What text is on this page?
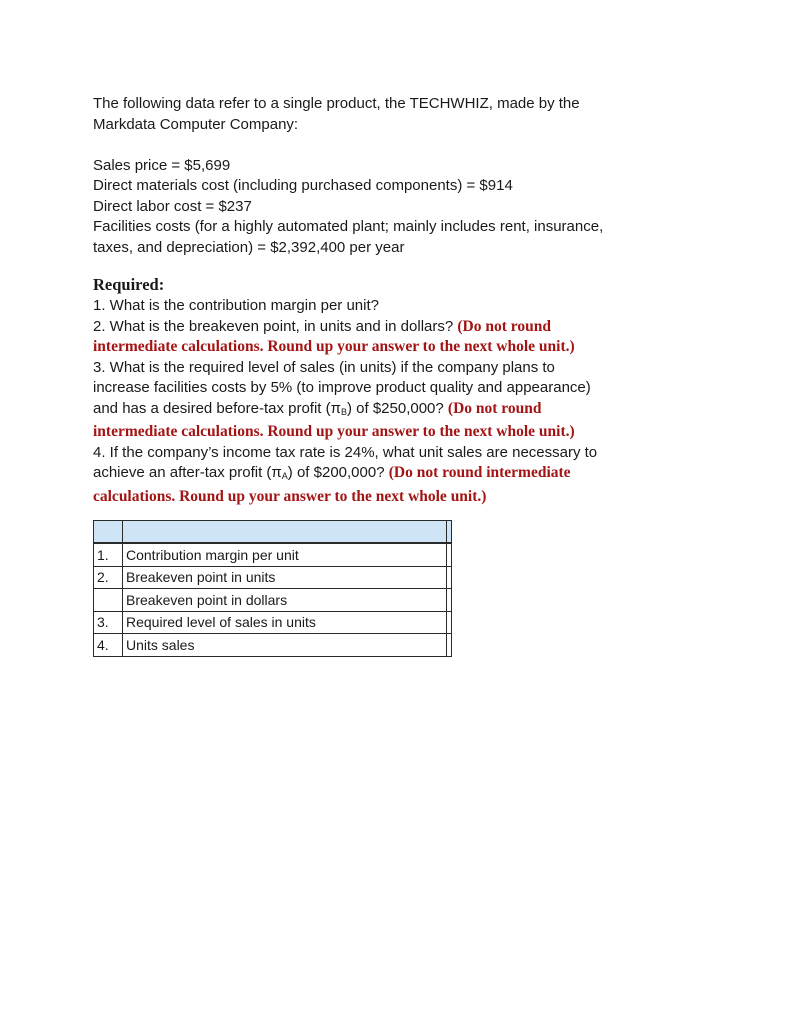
The following data refer to a single product, the TECHWHIZ, made by the
Markdata Computer Company:

Sales price = $5,699
Direct materials cost (including purchased components) = $914
Direct labor cost = $237
Facilities costs (for a highly automated plant; mainly includes rent, insurance,
taxes, and depreciation) = $2,392,400 per year

Required:
1. What is the contribution margin per unit?
2. What is the breakeven point, in units and in dollars? (Do not round
intermediate calculations. Round up your answer to the next whole unit.)
3. What is the required level of sales (in units) if the company plans to
increase facilities costs by 5% (to improve product quality and appearance)
and has a desired before-tax profit $(\pi_B)$ of $250,000? (Do not round
intermediate calculations. Round up your answer to the next whole unit.)
4. If the company’s income tax rate is 24%, what unit sales are necessary to
achieve an after-tax profit $(\pi_A)$ of $200,000? (Do not round intermediate
calculations. Round up your answer to the next whole unit.)

1.	Contribution margin per unit	
2.	Breakeven point in units	
	Breakeven point in dollars	
3.	Required level of sales in units	
4.	Units sales	
